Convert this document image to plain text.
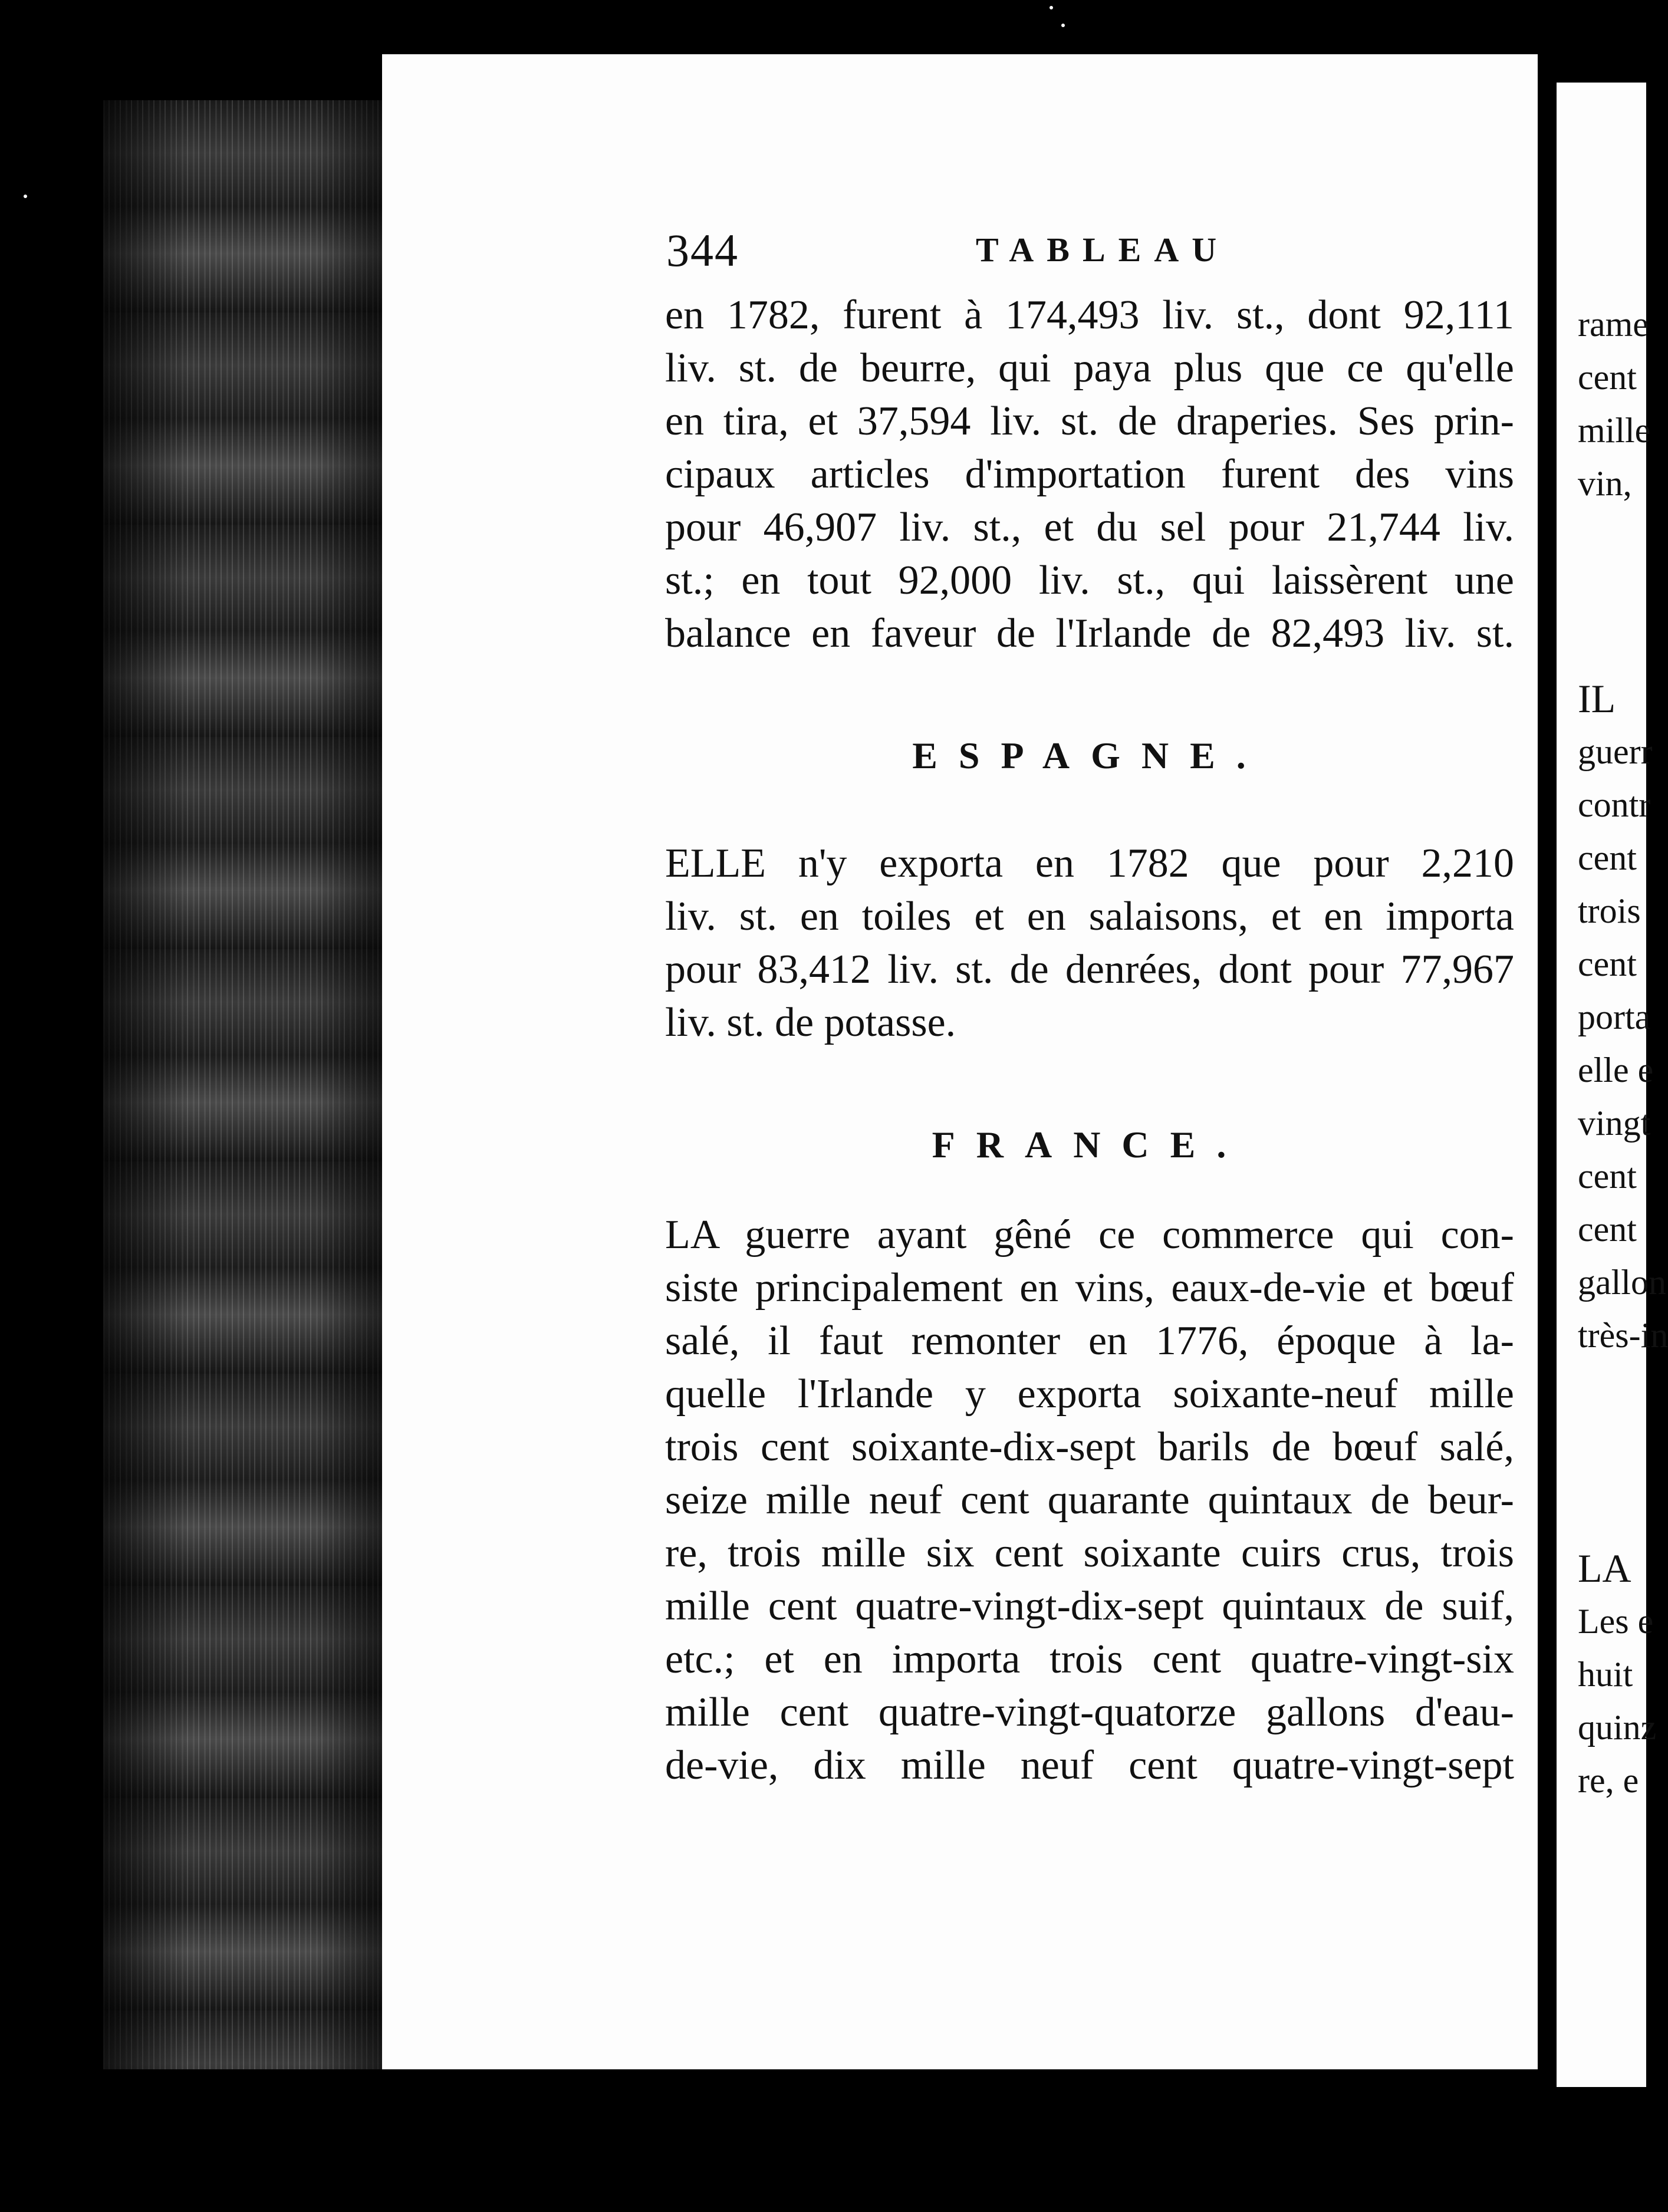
344	TABLEAU
en 1782, furent à 174,493 liv. st., dont 92,111
liv. st. de beurre, qui paya plus que ce qu'elle
en tira, et 37,594 liv. st. de draperies. Ses prin-
cipaux articles d'importation furent des vins
pour 46,907 liv. st., et du sel pour 21,744 liv.
st.; en tout 92,000 liv. st., qui laissèrent une
balance en faveur de l'Irlande de 82,493 liv. st.
ESPAGNE.
ELLE n'y exporta en 1782 que pour 2,210
liv. st. en toiles et en salaisons, et en importa
pour 83,412 liv. st. de denrées, dont pour 77,967
liv. st. de potasse.
FRANCE.
LA guerre ayant gêné ce commerce qui con-
siste principalement en vins, eaux-de-vie et bœuf
salé, il faut remonter en 1776, époque à la-
quelle l'Irlande y exporta soixante-neuf mille
trois cent soixante-dix-sept barils de bœuf salé,
seize mille neuf cent quarante quintaux de beur-
re, trois mille six cent soixante cuirs crus, trois
mille cent quatre-vingt-dix-sept quintaux de suif,
etc.; et en importa trois cent quatre-vingt-six
mille cent quatre-vingt-quatorze gallons d'eau-
de-vie, dix mille neuf cent quatre-vingt-sept
rame
cent
mille
vin,
IL
guerr
contr
cent
trois
cent
porta
elle e
vingt
cent
cent
gallon
très-in
LA
Les e
huit
quinz
re, e
